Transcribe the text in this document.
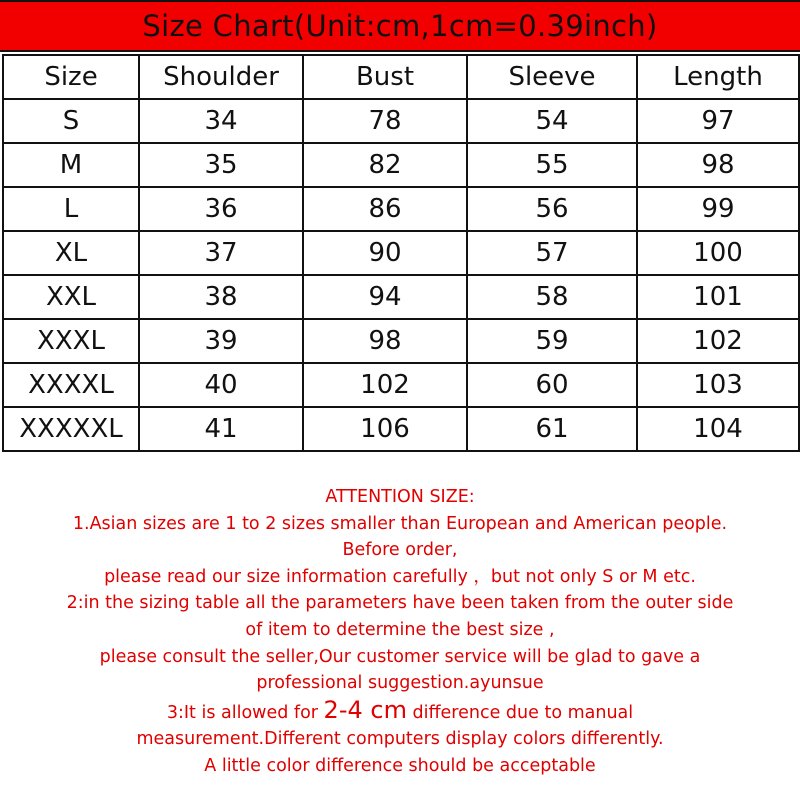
Size Chart(Unit:cm,1cm=0.39inch)
Size	Shoulder	Bust	Sleeve	Length
S	34	78	54	97
M	35	82	55	98
L	36	86	56	99
XL	37	90	57	100
XXL	38	94	58	101
XXXL	39	98	59	102
XXXXL	40	102	60	103
XXXXXL	41	106	61	104
ATTENTION SIZE:
1.Asian sizes are 1 to 2 sizes smaller than European and American people.
Before order,
please read our size information carefully ，but not only S or M etc.
2:in the sizing table all the parameters have been taken from the outer side
of item to determine the best size ,
please consult the seller,Our customer service will be glad to gave a
professional suggestion.ayunsue
3:It is allowed for 2-4 cm difference due to manual
measurement.Different computers display colors differently.
A little color difference should be acceptable
